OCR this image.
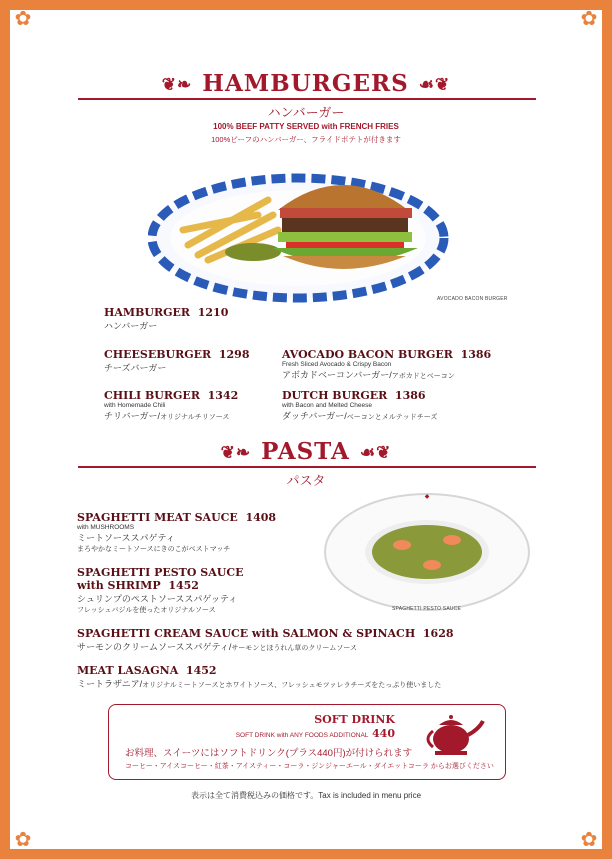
✿	✿
✿	✿
❦❧ HAMBURGERS ☙❦
ハンバーガー
100% BEEF PATTY SERVED with FRENCH FRIES
100%ビーフのハンバーガー、フライドポテトが付きます
AVOCADO BACON BURGER
HAMBURGER 1210
ハンバーガー
CHEESEBURGER 1298
チーズバーガー
AVOCADO BACON BURGER 1386
Fresh Sliced Avocado & Crispy Bacon
アボカドベーコンバーガー/アボカドとベーコン
CHILI BURGER 1342
with Homemade Chili
チリバーガー/オリジナルチリソース
DUTCH BURGER 1386
with Bacon and Melted Cheese
ダッチバーガー/ベーコンとメルテッドチーズ
❦❧ PASTA ☙❦
パスタ
◆
SPAGHETTI PESTO SAUCE
SPAGHETTI MEAT SAUCE 1408
with MUSHROOMS
ミートソーススパゲティ
まろやかなミートソースにきのこがベストマッチ
SPAGHETTI PESTO SAUCE
with SHRIMP 1452
シュリンプのペストソーススパゲッティ
フレッシュバジルを使ったオリジナルソース
SPAGHETTI CREAM SAUCE with SALMON & SPINACH 1628
サーモンのクリームソーススパゲティ/サーモンとほうれん草のクリームソース
MEAT LASAGNA 1452
ミートラザニア/オリジナルミートソースとホワイトソース、フレッシュモツァレラチーズをたっぷり使いました
SOFT DRINK
SOFT DRINK with ANY FOODS ADDITIONAL 440
お料理、スイーツにはソフトドリンク(プラス440円)が付けられます
コーヒー・アイスコーヒー・紅茶・アイスティー・コーラ・ジンジャーエール・ダイエットコーラ からお選びください
表示は全て消費税込みの価格です。Tax is included in menu price
